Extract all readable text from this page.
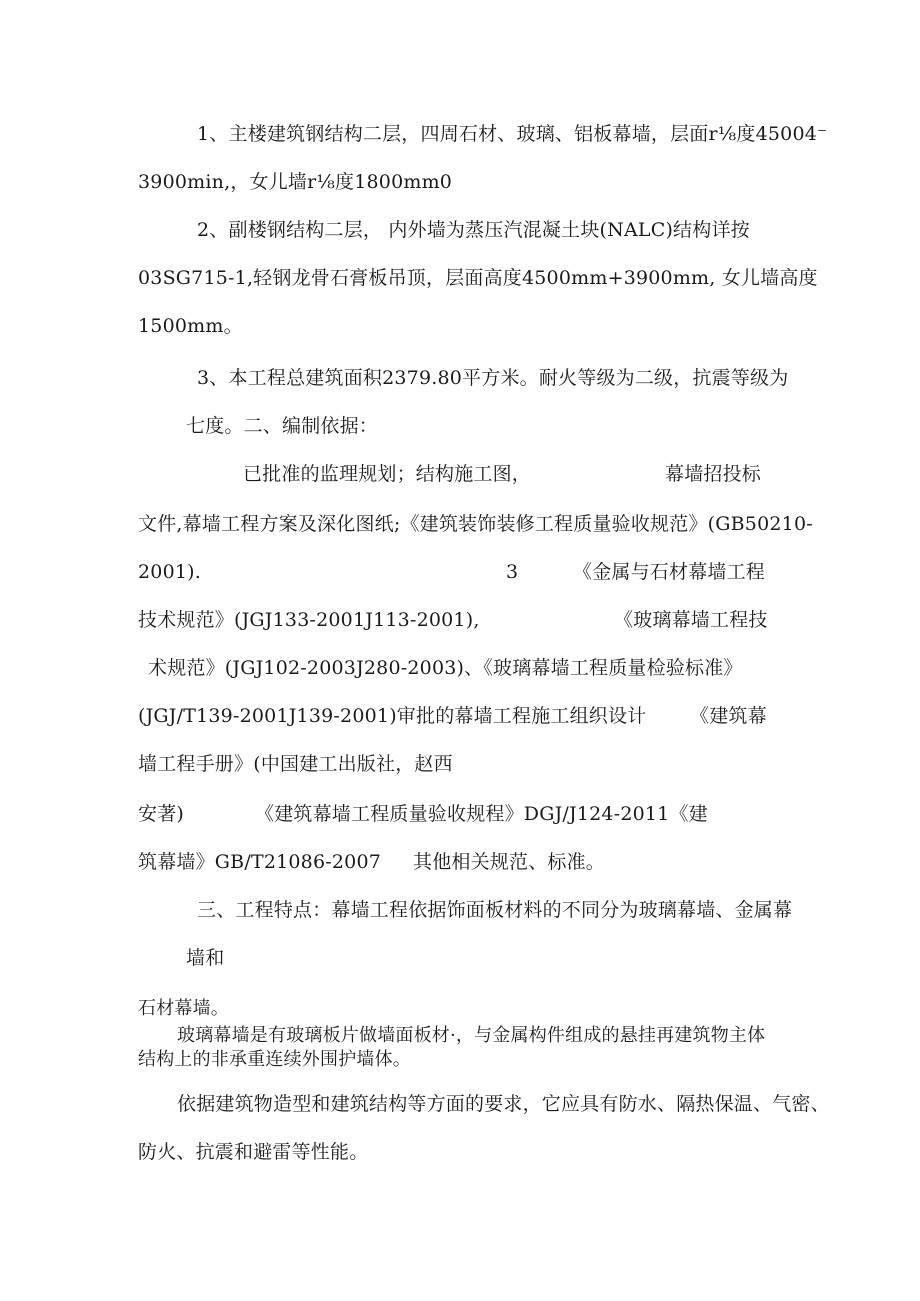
1、主楼建筑钢结构二层，四周石材、玻璃、铝板幕墙，层面r⅛度45004⁻
3900min,，女儿墙r⅛度1800mm0
2、副楼钢结构二层， 内外墙为蒸压汽混凝土块(NALC)结构详按
03SG715-1,轻钢龙骨石膏板吊顶，层面高度4500mm+3900mm, 女儿墙高度
1500mm。
3、本工程总建筑面积2379.80平方米。耐火等级为二级，抗震等级为
七度。二、编制依据：
已批准的监理规划；结构施工图，	幕墙招投标
文件,幕墙工程方案及深化图纸;《建筑装饰装修工程质量验收规范》(GB50210-
2001).	3	《金属与石材幕墙工程
技术规范》(JGJ133-2001J113-2001),	《玻璃幕墙工程技
术规范》(JGJ102-2003J280-2003)、《玻璃幕墙工程质量检验标准》
(JGJ/T139-2001J139-2001)审批的幕墙工程施工组织设计 《建筑幕
墙工程手册》(中国建工出版社，赵西
安著)	《建筑幕墙工程质量验收规程》DGJ/J124-2011《建
筑幕墙》GB/T21086-2007 其他相关规范、标准。
三、工程特点：幕墙工程依据饰面板材料的不同分为玻璃幕墙、金属幕
墙和
石材幕墙。
玻璃幕墙是有玻璃板片做墙面板材·，与金属构件组成的悬挂再建筑物主体
结构上的非承重连续外围护墙体。
依据建筑物造型和建筑结构等方面的要求，它应具有防水、隔热保温、气密、
防火、抗震和避雷等性能。
